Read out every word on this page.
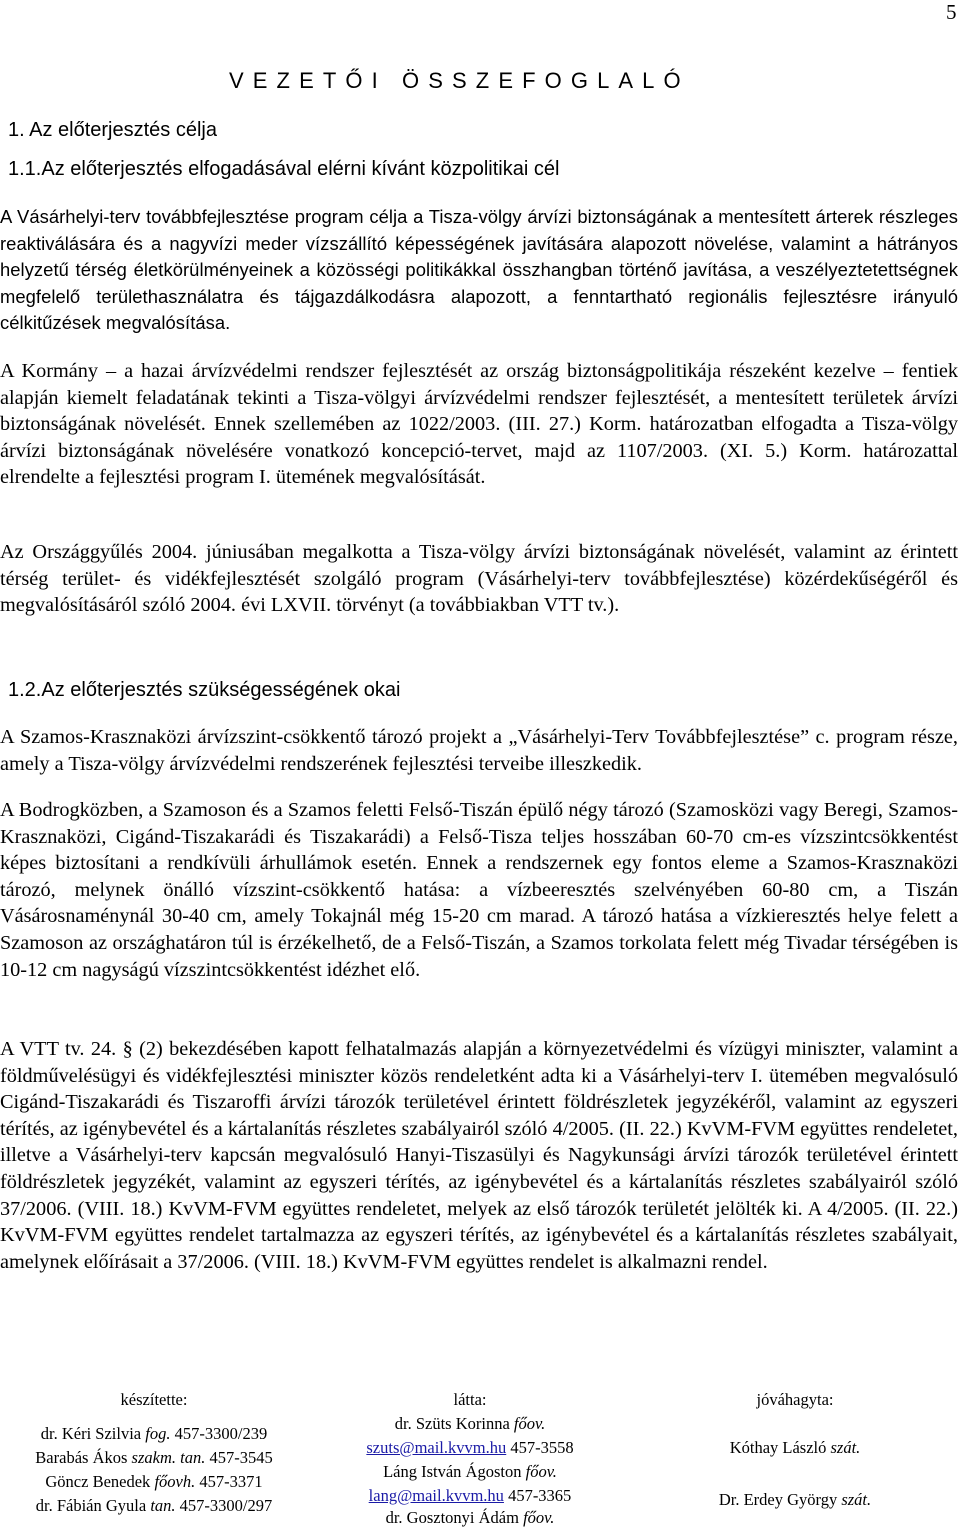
5
VEZETŐI ÖSSZEFOGLALÓ
1. Az előterjesztés célja
1.1.Az előterjesztés elfogadásával elérni kívánt közpolitikai cél

A Vásárhelyi-terv továbbfejlesztése program célja a Tisza-völgy árvízi biztonságának a mentesített árterek részleges reaktiválására és a nagyvízi meder vízszállító képességének javítására alapozott növelése, valamint a hátrányos helyzetű térség életkörülményeinek a közösségi politikákkal összhangban történő javítása, a veszélyeztetettségnek megfelelő területhasználatra és tájgazdálkodásra alapozott, a fenntartható regionális fejlesztésre irányuló célkitűzések megvalósítása.

A Kormány – a hazai árvízvédelmi rendszer fejlesztését az ország biztonságpolitikája részeként kezelve – fentiek alapján kiemelt feladatának tekinti a Tisza-völgyi árvízvédelmi rendszer fejlesztését, a mentesített területek árvízi biztonságának növelését. Ennek szellemében az 1022/2003. (III. 27.) Korm. határozatban elfogadta a Tisza-völgy árvízi biztonságának növelésére vonatkozó koncepció-tervet, majd az 1107/2003. (XI. 5.) Korm. határozattal elrendelte a fejlesztési program I. ütemének megvalósítását.

Az Országgyűlés 2004. júniusában megalkotta a Tisza-völgy árvízi biztonságának növelését, valamint az érintett térség terület- és vidékfejlesztését szolgáló program (Vásárhelyi-terv továbbfejlesztése) közérdekűségéről és megvalósításáról szóló 2004. évi LXVII. törvényt (a továbbiakban VTT tv.).

1.2.Az előterjesztés szükségességének okai

A Szamos-Krasznaközi árvízszint-csökkentő tározó projekt a „Vásárhelyi-Terv Továbbfejlesztése” c. program része, amely a Tisza-völgy árvízvédelmi rendszerének fejlesztési terveibe illeszkedik.

A Bodrogközben, a Szamoson és a Szamos feletti Felső-Tiszán épülő négy tározó (Szamosközi vagy Beregi, Szamos-Krasznaközi, Cigánd-Tiszakarádi és Tiszakarádi) a Felső-Tisza teljes hosszában 60-70 cm-es vízszintcsökkentést képes biztosítani a rendkívüli árhullámok esetén. Ennek a rendszernek egy fontos eleme a Szamos-Krasznaközi tározó, melynek önálló vízszint-csökkentő hatása: a vízbeeresztés szelvényében 60-80 cm, a Tiszán Vásárosnaménynál 30-40 cm, amely Tokajnál még 15-20 cm marad. A tározó hatása a vízkieresztés helye felett a Szamoson az országhatáron túl is érzékelhető, de a Felső-Tiszán, a Szamos torkolata felett még Tivadar térségében is 10-12 cm nagyságú vízszintcsökkentést idézhet elő.

A VTT tv. 24. § (2) bekezdésében kapott felhatalmazás alapján a környezetvédelmi és vízügyi miniszter, valamint a földművelésügyi és vidékfejlesztési miniszter közös rendeletként adta ki a Vásárhelyi-terv I. ütemében megvalósuló Cigánd-Tiszakarádi és Tiszaroffi árvízi tározók területével érintett földrészletek jegyzékéről, valamint az egyszeri térítés, az igénybevétel és a kártalanítás részletes szabályairól szóló 4/2005. (II. 22.) KvVM-FVM együttes rendeletet, illetve a Vásárhelyi-terv kapcsán megvalósuló Hanyi-Tiszasülyi és Nagykunsági árvízi tározók területével érintett földrészletek jegyzékét, valamint az egyszeri térítés, az igénybevétel és a kártalanítás részletes szabályairól szóló 37/2006. (VIII. 18.) KvVM-FVM együttes rendeletet, melyek az első tározók területét jelölték ki. A 4/2005. (II. 22.) KvVM-FVM együttes rendelet tartalmazza az egyszeri térítés, az igénybevétel és a kártalanítás részletes szabályait, amelynek előírásait a 37/2006. (VIII. 18.) KvVM-FVM együttes rendelet is alkalmazni rendel.

készítette:
dr. Kéri Szilvia fog. 457-3300/239
Barabás Ákos szakm. tan. 457-3545
Göncz Benedek főovh. 457-3371
dr. Fábián Gyula tan. 457-3300/297
látta:
dr. Szüts Korinna főov.
szuts@mail.kvvm.hu 457-3558
Láng István Ágoston főov.
lang@mail.kvvm.hu 457-3365
dr. Gosztonyi Ádám főov.
jóváhagyta:
Kóthay László szát.
Dr. Erdey György szát.
